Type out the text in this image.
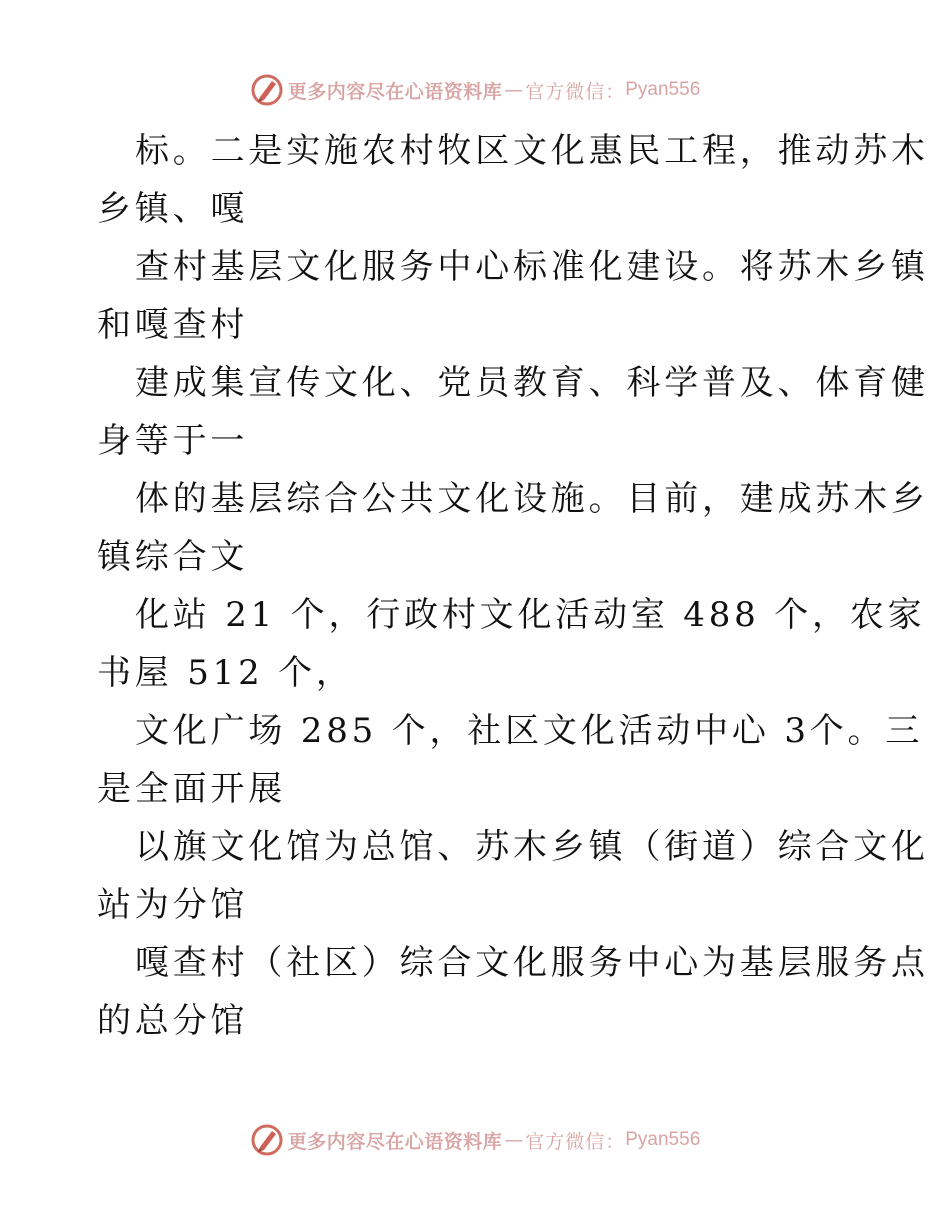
更多内容尽在心语资料库 — 官方微信： Pyan556

标。二是实施农村牧区文化惠民工程，推动苏木
乡镇、嘎

查村基层文化服务中心标准化建设。将苏木乡镇
和嘎查村

建成集宣传文化、党员教育、科学普及、体育健
身等于一

体的基层综合公共文化设施。目前，建成苏木乡
镇综合文

化站 21 个，行政村文化活动室 488 个，农家
书屋 512 个，

文化广场 285 个，社区文化活动中心 3个。三
是全面开展

以旗文化馆为总馆、苏木乡镇（街道）综合文化
站为分馆

嘎查村（社区）综合文化服务中心为基层服务点
的总分馆

更多内容尽在心语资料库 — 官方微信： Pyan556
